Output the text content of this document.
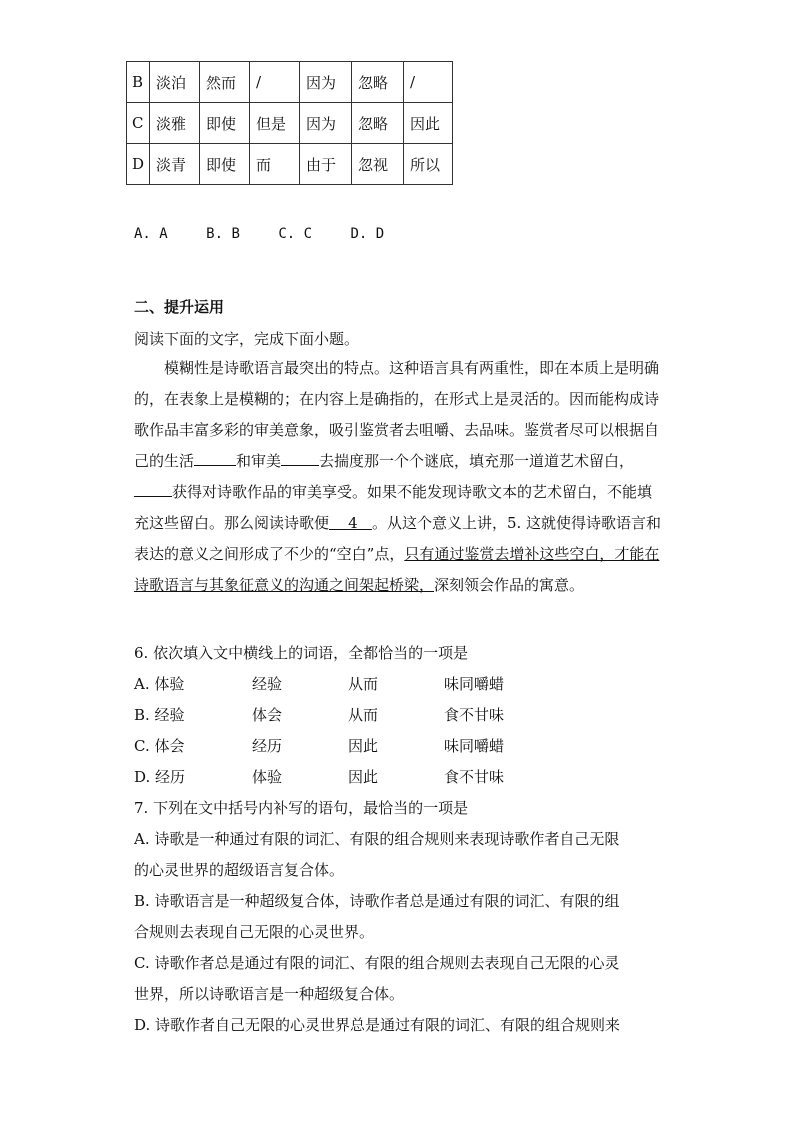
B	淡泊	然而	/	因为	忽略	/
C	淡雅	即使	但是	因为	忽略	因此
D	淡青	即使	而	由于	忽视	所以
A. A	B. B	C. C	D. D
二、提升运用
阅读下面的文字，完成下面小题。
模糊性是诗歌语言最突出的特点。这种语言具有两重性，即在本质上是明确的，在表象上是模糊的；在内容上是确指的，在形式上是灵活的。因而能构成诗歌作品丰富多彩的审美意象，吸引鉴赏者去咀嚼、去品味。鉴赏者尽可以根据自己的生活	和审美	去揣度那一个个谜底，填充那一道道艺术留白，获得对诗歌作品的审美享受。如果不能发现诗歌文本的艺术留白，不能填充这些留白。那么阅读诗歌便 4 。从这个意义上讲，5. 这就使得诗歌语言和表达的意义之间形成了不少的“空白”点，只有通过鉴赏去增补这些空白，才能在诗歌语言与其象征意义的沟通之间架起桥梁，深刻领会作品的寓意。
6. 依次填入文中横线上的词语，全都恰当的一项是
A. 体验	经验	从而	味同嚼蜡
B. 经验	体会	从而	食不甘味
C. 体会	经历	因此	味同嚼蜡
D. 经历	体验	因此	食不甘味
7. 下列在文中括号内补写的语句，最恰当的一项是
A. 诗歌是一种通过有限的词汇、有限的组合规则来表现诗歌作者自己无限
的心灵世界的超级语言复合体。
B. 诗歌语言是一种超级复合体，诗歌作者总是通过有限的词汇、有限的组
合规则去表现自己无限的心灵世界。
C. 诗歌作者总是通过有限的词汇、有限的组合规则去表现自己无限的心灵
世界，所以诗歌语言是一种超级复合体。
D. 诗歌作者自己无限的心灵世界总是通过有限的词汇、有限的组合规则来
